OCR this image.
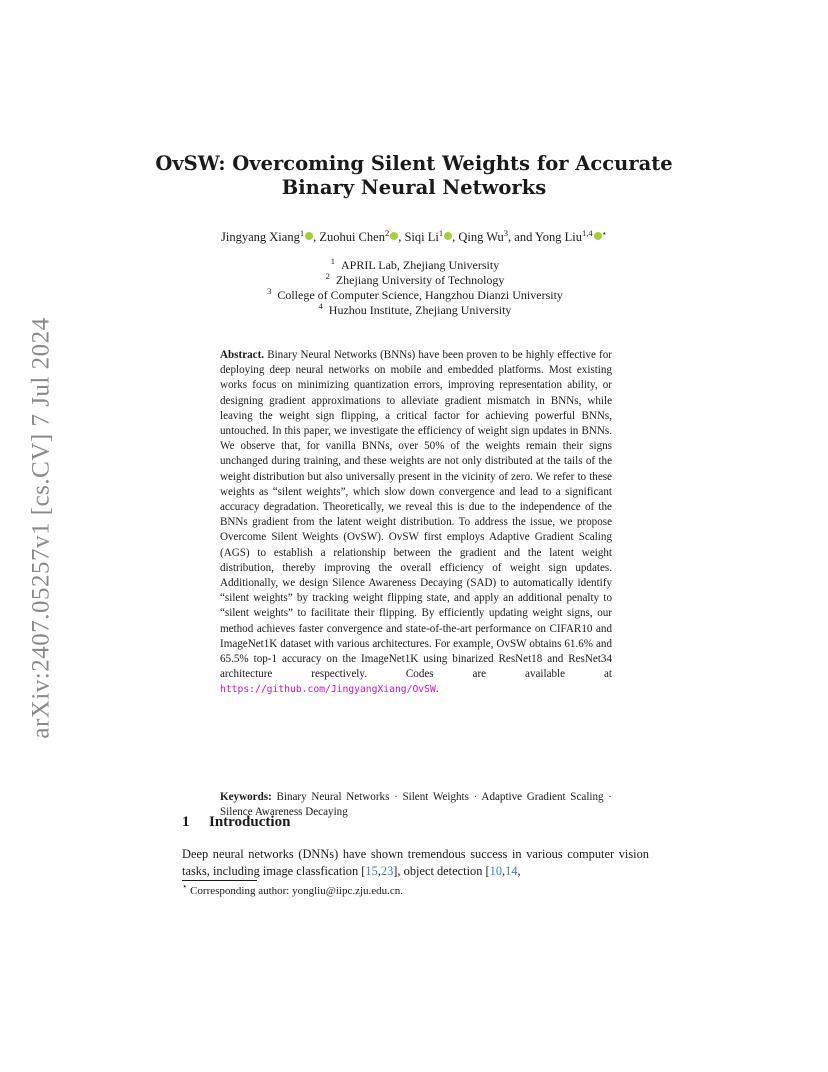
arXiv:2407.05257v1 [cs.CV] 7 Jul 2024
OvSW: Overcoming Silent Weights for Accurate
Binary Neural Networks
Jingyang Xiang$^1$ , Zuohui Chen$^2$ , Siqi Li$^1$ , Qing Wu$^3$, and Yong Liu$^{1,4}$ ⋆
$^1$ APRIL Lab, Zhejiang University
$^2$ Zhejiang University of Technology
$^3$ College of Computer Science, Hangzhou Dianzi University
$^4$ Huzhou Institute, Zhejiang University
Abstract. Binary Neural Networks (BNNs) have been proven to be highly effective for deploying deep neural networks on mobile and embedded platforms. Most existing works focus on minimizing quantization errors, improving representation ability, or designing gradient approximations to alleviate gradient mismatch in BNNs, while leaving the weight sign flipping, a critical factor for achieving powerful BNNs, untouched. In this paper, we investigate the efficiency of weight sign updates in BNNs. We observe that, for vanilla BNNs, over 50% of the weights remain their signs unchanged during training, and these weights are not only distributed at the tails of the weight distribution but also universally present in the vicinity of zero. We refer to these weights as “silent weights”, which slow down convergence and lead to a significant accuracy degradation. Theoretically, we reveal this is due to the independence of the BNNs gradient from the latent weight distribution. To address the issue, we propose Overcome Silent Weights (OvSW). OvSW first employs Adaptive Gradient Scaling (AGS) to establish a relationship between the gradient and the latent weight distribution, thereby improving the overall efficiency of weight sign updates. Additionally, we design Silence Awareness Decaying (SAD) to automatically identify “silent weights” by tracking weight flipping state, and apply an additional penalty to “silent weights” to facilitate their flipping. By efficiently updating weight signs, our method achieves faster convergence and state-of-the-art performance on CIFAR10 and ImageNet1K dataset with various architectures. For example, OvSW obtains 61.6% and 65.5% top-1 accuracy on the ImageNet1K using binarized ResNet18 and ResNet34 architecture respectively. Codes are available at https://github.com/JingyangXiang/OvSW.
Keywords: Binary Neural Networks · Silent Weights · Adaptive Gradient Scaling · Silence Awareness Decaying
1 Introduction
Deep neural networks (DNNs) have shown tremendous success in various computer vision tasks, including image classfication [15,23], object detection [10,14,
⋆ Corresponding author: yongliu@iipc.zju.edu.cn.
